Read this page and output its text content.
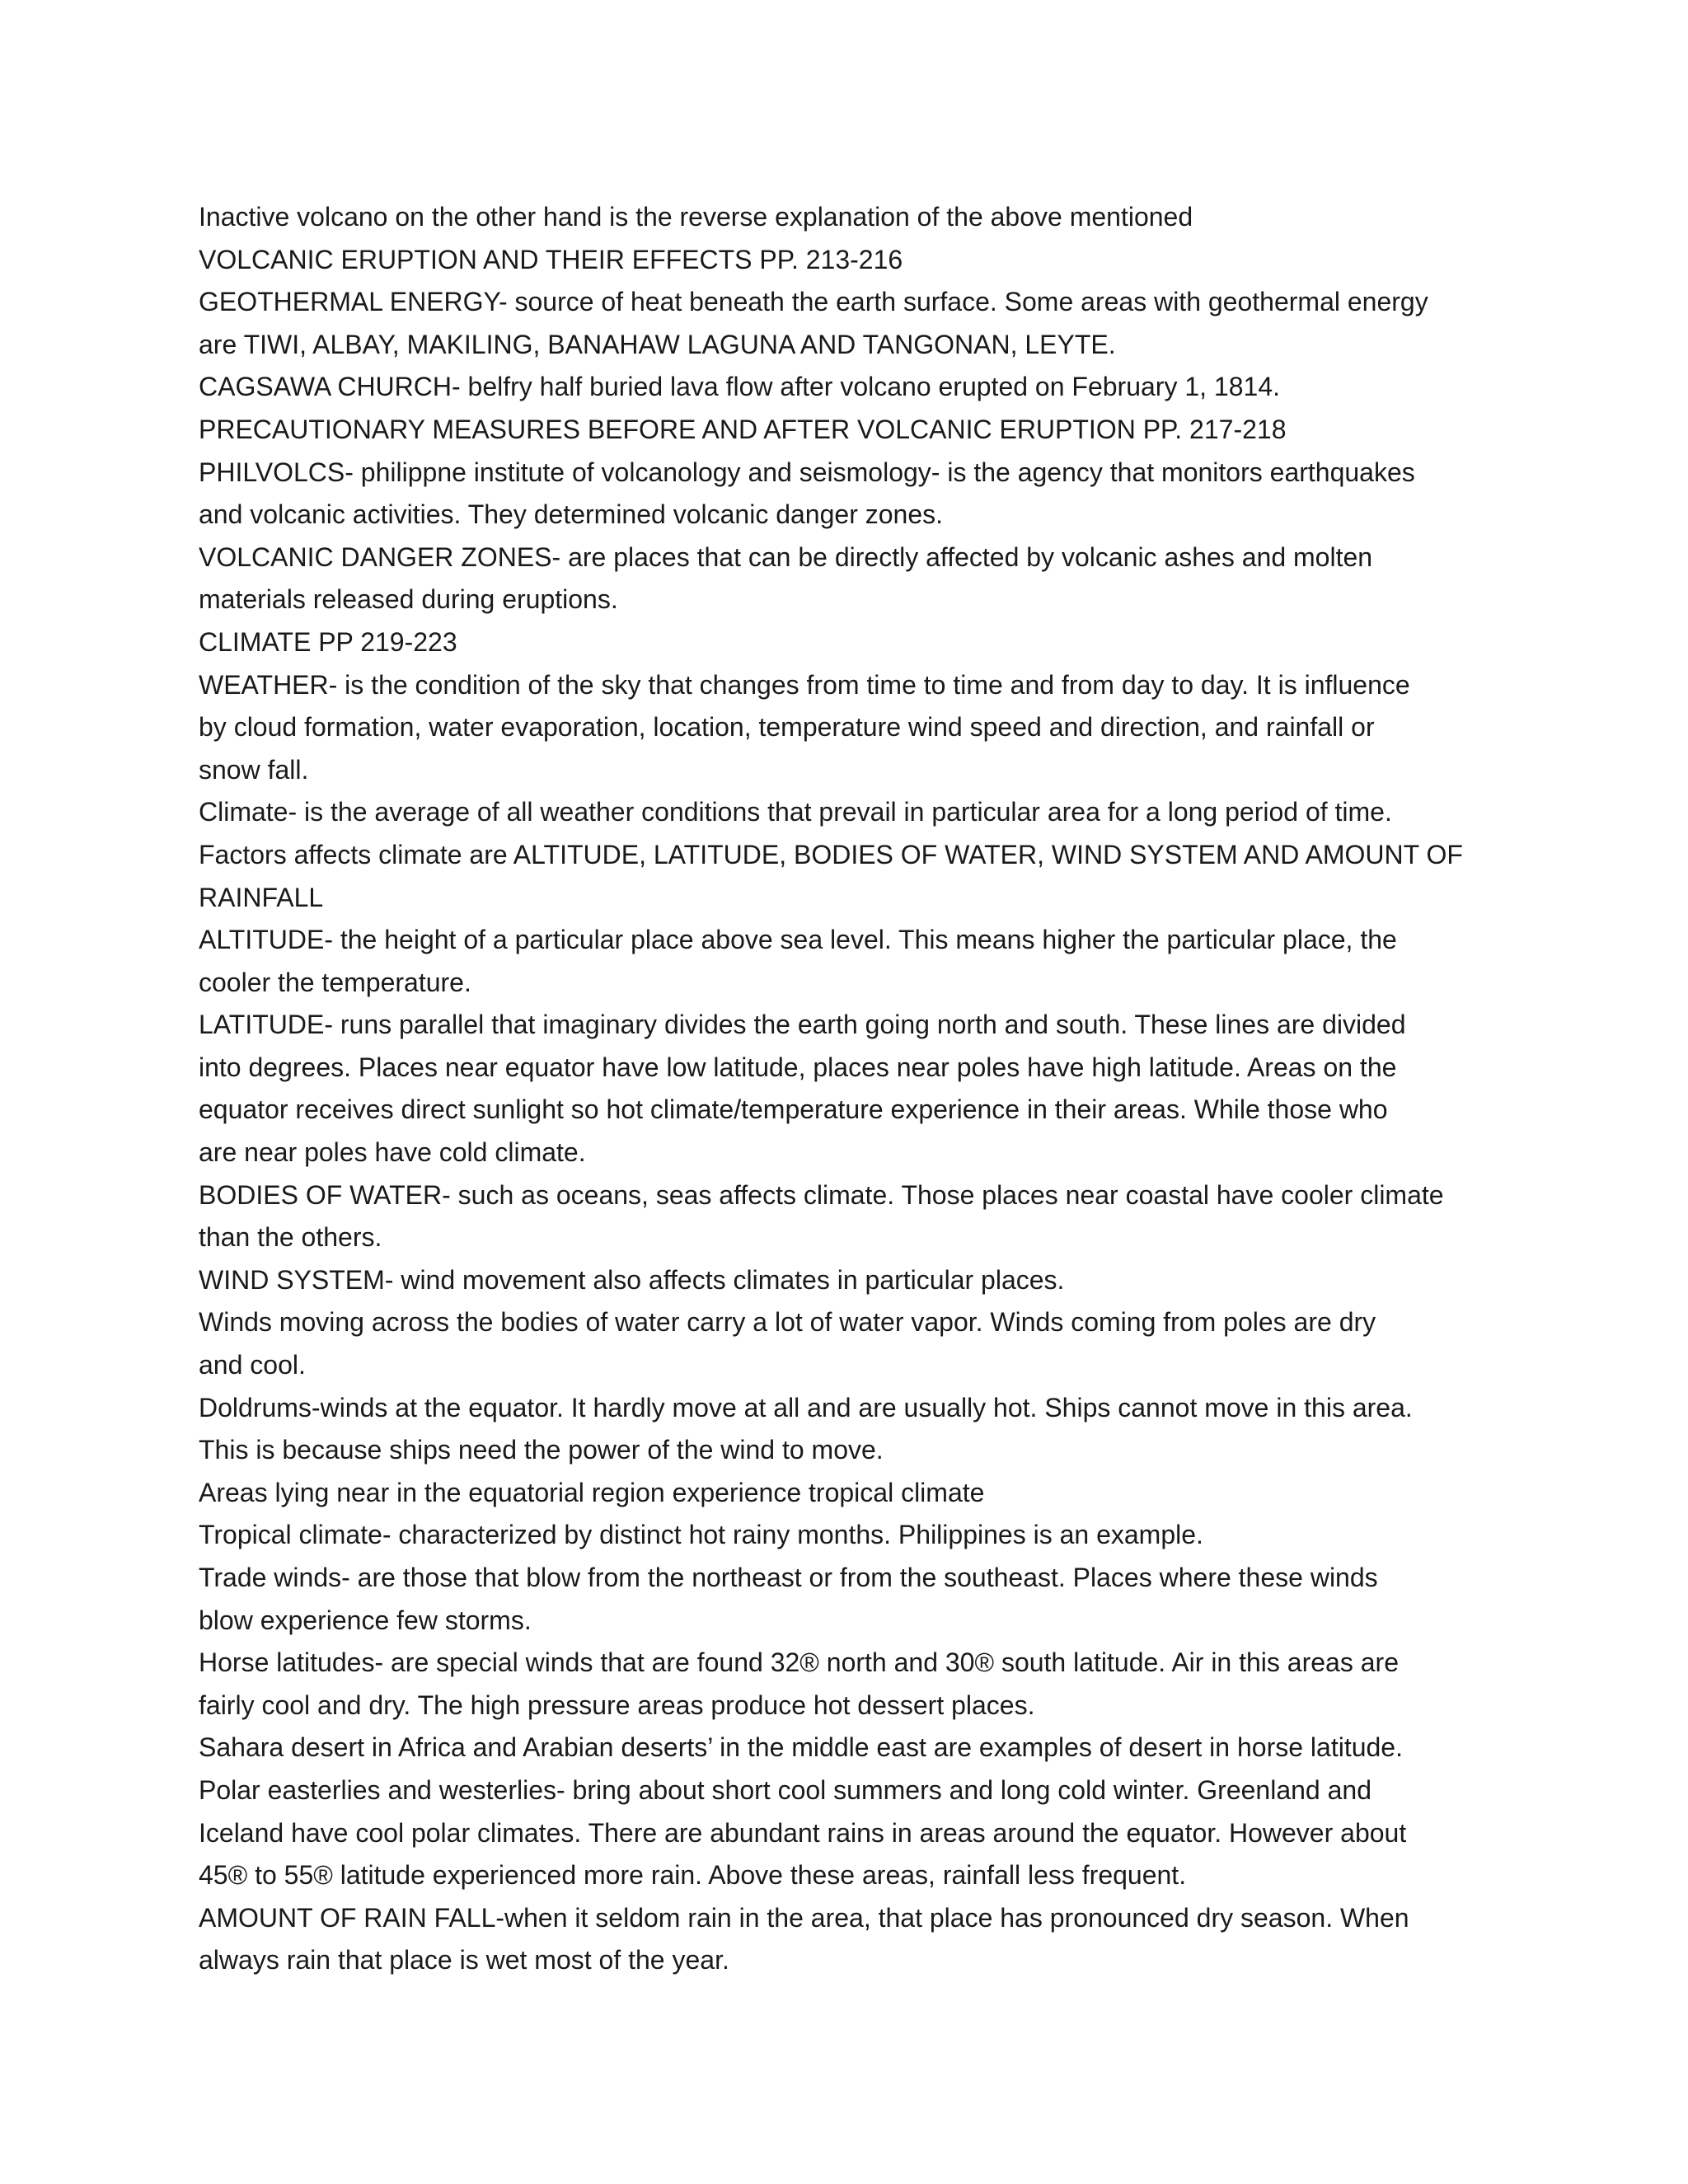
Inactive volcano on the other hand is the reverse explanation of the above mentioned

VOLCANIC ERUPTION AND THEIR EFFECTS PP. 213-216

GEOTHERMAL ENERGY- source of heat beneath the earth surface. Some areas with geothermal energy
are TIWI, ALBAY, MAKILING, BANAHAW LAGUNA AND TANGONAN, LEYTE.

CAGSAWA CHURCH- belfry half buried lava flow after volcano erupted on February 1, 1814.

PRECAUTIONARY MEASURES BEFORE AND AFTER VOLCANIC ERUPTION PP. 217-218

PHILVOLCS- philippne institute of volcanology and seismology- is the agency that monitors earthquakes
and volcanic activities. They determined volcanic danger zones.

VOLCANIC DANGER ZONES- are places that can be directly affected by volcanic ashes and molten
materials released during eruptions.

CLIMATE PP 219-223

WEATHER- is the condition of the sky that changes from time to time and from day to day. It is influence
by cloud formation, water evaporation, location, temperature wind speed and direction, and rainfall or
snow fall.

Climate- is the average of all weather conditions that prevail in particular area for a long period of time.

Factors affects climate are ALTITUDE, LATITUDE, BODIES OF WATER, WIND SYSTEM AND AMOUNT OF
RAINFALL

ALTITUDE- the height of a particular place above sea level. This means higher the particular place, the
cooler the temperature.

LATITUDE- runs parallel that imaginary divides the earth going north and south. These lines are divided
into degrees. Places near equator have low latitude, places near poles have high latitude. Areas on the
equator receives direct sunlight so hot climate/temperature experience in their areas. While those who
are near poles have cold climate.

BODIES OF WATER- such as oceans, seas affects climate. Those places near coastal have cooler climate
than the others.

WIND SYSTEM- wind movement also affects climates in particular places.

Winds moving across the bodies of water carry a lot of water vapor. Winds coming from poles are dry
and cool.

Doldrums-winds at the equator. It hardly move at all and are usually hot. Ships cannot move in this area.
This is because ships need the power of the wind to move.

Areas lying near in the equatorial region experience tropical climate

Tropical climate- characterized by distinct hot rainy months. Philippines is an example.

Trade winds- are those that blow from the northeast or from the southeast. Places where these winds
blow experience few storms.

Horse latitudes- are special winds that are found 32® north and 30® south latitude. Air in this areas are
fairly cool and dry. The high pressure areas produce hot dessert places.

Sahara desert in Africa and Arabian deserts’ in the middle east are examples of desert in horse latitude.

Polar easterlies and westerlies- bring about short cool summers and long cold winter. Greenland and
Iceland have cool polar climates. There are abundant rains in areas around the equator. However about
45® to 55® latitude experienced more rain. Above these areas, rainfall less frequent.

AMOUNT OF RAIN FALL-when it seldom rain in the area, that place has pronounced dry season. When
always rain that place is wet most of the year.
